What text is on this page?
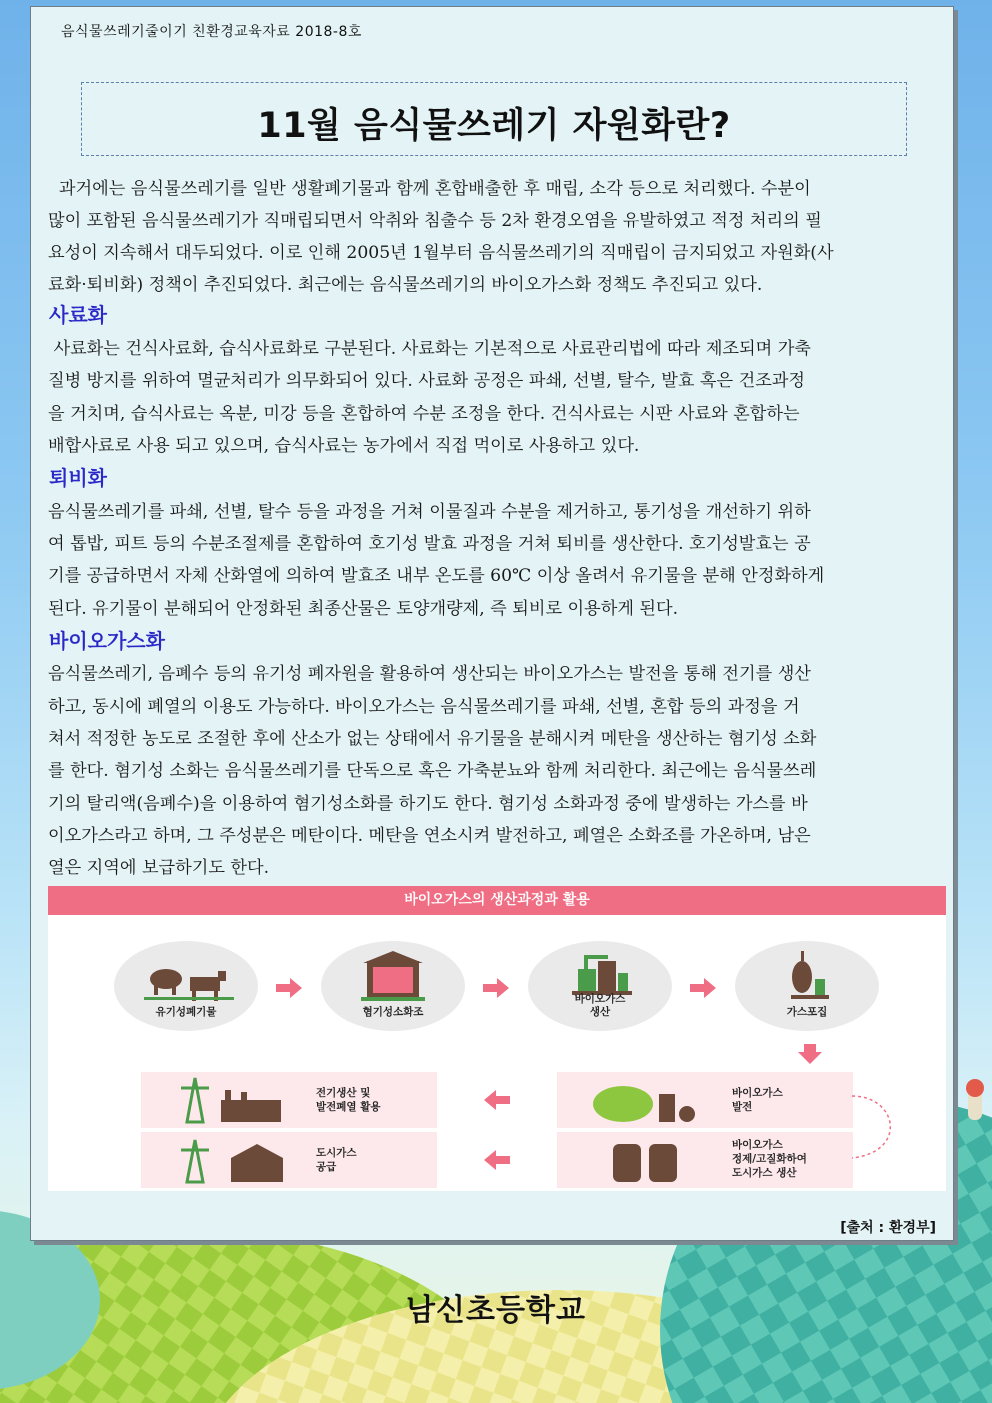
음식물쓰레기줄이기 친환경교육자료 2018-8호
11월 음식물쓰레기 자원화란?
과거에는 음식물쓰레기를 일반 생활폐기물과 함께 혼합배출한 후 매립, 소각 등으로 처리했다. 수분이
많이 포함된 음식물쓰레기가 직매립되면서 악취와 침출수 등 2차 환경오염을 유발하였고 적정 처리의 필
요성이 지속해서 대두되었다. 이로 인해 2005년 1월부터 음식물쓰레기의 직매립이 금지되었고 자원화(사
료화·퇴비화) 정책이 추진되었다. 최근에는 음식물쓰레기의 바이오가스화 정책도 추진되고 있다.
사료화
사료화는 건식사료화, 습식사료화로 구분된다. 사료화는 기본적으로 사료관리법에 따라 제조되며 가축
질병 방지를 위하여 멸균처리가 의무화되어 있다. 사료화 공정은 파쇄, 선별, 탈수, 발효 혹은 건조과정
을 거치며, 습식사료는 옥분, 미강 등을 혼합하여 수분 조정을 한다. 건식사료는 시판 사료와 혼합하는
배합사료로 사용 되고 있으며, 습식사료는 농가에서 직접 먹이로 사용하고 있다.
퇴비화
음식물쓰레기를 파쇄, 선별, 탈수 등을 과정을 거쳐 이물질과 수분을 제거하고, 통기성을 개선하기 위하
여 톱밥, 피트 등의 수분조절제를 혼합하여 호기성 발효 과정을 거쳐 퇴비를 생산한다. 호기성발효는 공
기를 공급하면서 자체 산화열에 의하여 발효조 내부 온도를 60℃ 이상 올려서 유기물을 분해 안정화하게
된다. 유기물이 분해되어 안정화된 최종산물은 토양개량제, 즉 퇴비로 이용하게 된다.
바이오가스화
음식물쓰레기, 음폐수 등의 유기성 폐자원을 활용하여 생산되는 바이오가스는 발전을 통해 전기를 생산
하고, 동시에 폐열의 이용도 가능하다. 바이오가스는 음식물쓰레기를 파쇄, 선별, 혼합 등의 과정을 거
쳐서 적정한 농도로 조절한 후에 산소가 없는 상태에서 유기물을 분해시켜 메탄을 생산하는 혐기성 소화
를 한다. 혐기성 소화는 음식물쓰레기를 단독으로 혹은 가축분뇨와 함께 처리한다. 최근에는 음식물쓰레
기의 탈리액(음폐수)을 이용하여 혐기성소화를 하기도 한다. 혐기성 소화과정 중에 발생하는 가스를 바
이오가스라고 하며, 그 주성분은 메탄이다. 메탄을 연소시켜 발전하고, 폐열은 소화조를 가온하며, 남은
열은 지역에 보급하기도 한다.
바이오가스의 생산과정과 활용
유기성폐기물	혐기성소화조
바이오가스
생산	가스포집
전기생산 및
발전폐열 활용
도시가스
공급
바이오가스
발전
바이오가스
정제/고질화하여
도시가스 생산
[출처 : 환경부]
남신초등학교
